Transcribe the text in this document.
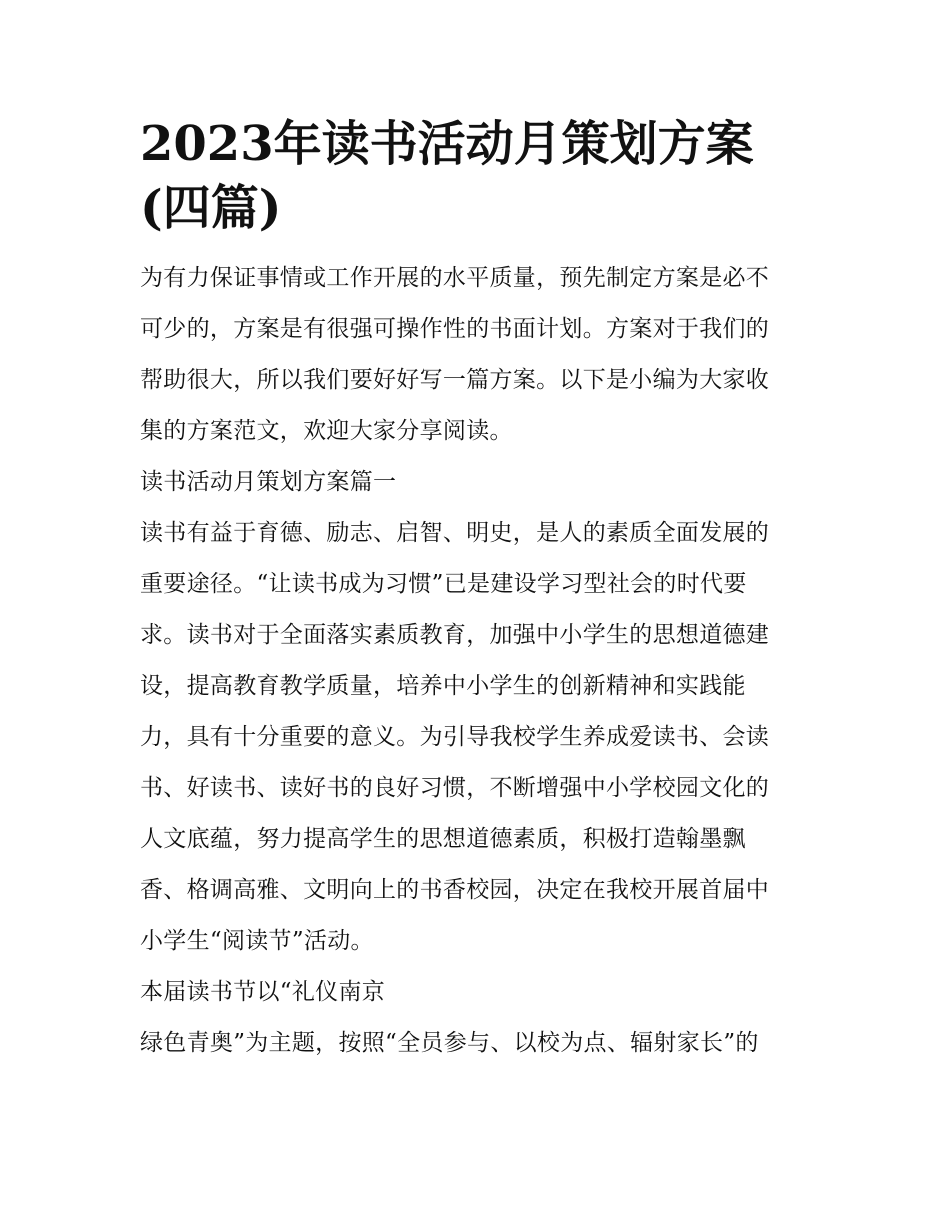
2023年读书活动月策划方案
(四篇)

为有力保证事情或工作开展的水平质量，预先制定方案是必不
可少的，方案是有很强可操作性的书面计划。方案对于我们的
帮助很大，所以我们要好好写一篇方案。以下是小编为大家收
集的方案范文，欢迎大家分享阅读。

读书活动月策划方案篇一

读书有益于育德、励志、启智、明史，是人的素质全面发展的
重要途径。“让读书成为习惯”已是建设学习型社会的时代要
求。读书对于全面落实素质教育，加强中小学生的思想道德建
设，提高教育教学质量，培养中小学生的创新精神和实践能
力，具有十分重要的意义。为引导我校学生养成爱读书、会读
书、好读书、读好书的良好习惯，不断增强中小学校园文化的
人文底蕴，努力提高学生的思想道德素质，积极打造翰墨飘
香、格调高雅、文明向上的书香校园，决定在我校开展首届中
小学生“阅读节”活动。

本届读书节以“礼仪南京

绿色青奥”为主题，按照“全员参与、以校为点、辐射家长”的
